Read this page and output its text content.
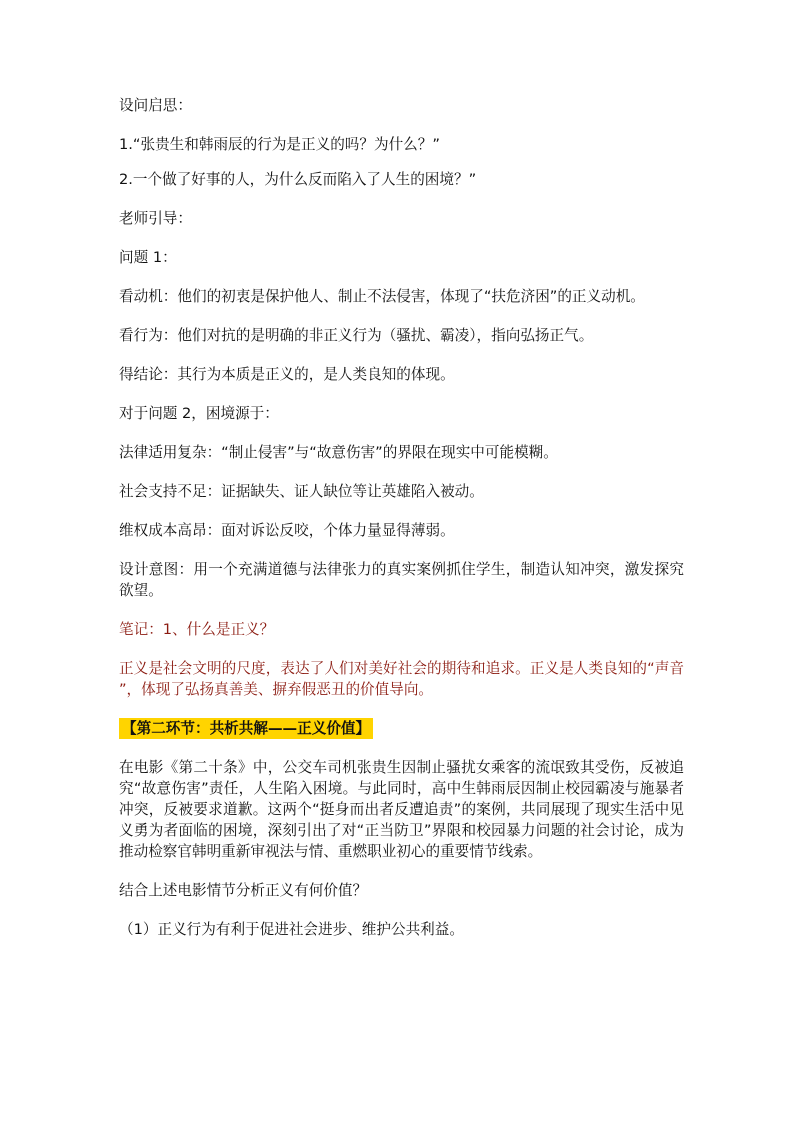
设问启思：

1.“张贵生和韩雨辰的行为是正义的吗？为什么？”

2.一个做了好事的人，为什么反而陷入了人生的困境？”

老师引导：

问题 1：

看动机：他们的初衷是保护他人、制止不法侵害，体现了“扶危济困”的正义动机。

看行为：他们对抗的是明确的非正义行为（骚扰、霸凌），指向弘扬正气。

得结论：其行为本质是正义的，是人类良知的体现。

对于问题 2，困境源于：

法律适用复杂：“制止侵害”与“故意伤害”的界限在现实中可能模糊。

社会支持不足：证据缺失、证人缺位等让英雄陷入被动。

维权成本高昂：面对诉讼反咬，个体力量显得薄弱。

设计意图：用一个充满道德与法律张力的真实案例抓住学生，制造认知冲突，激发探究欲望。

笔记：1、什么是正义？

正义是社会文明的尺度，表达了人们对美好社会的期待和追求。正义是人类良知的“声音 ”，体现了弘扬真善美、摒弃假恶丑的价值导向。

【第二环节：共析共解——正义价值】

在电影《第二十条》中，公交车司机张贵生因制止骚扰女乘客的流氓致其受伤，反被追究“故意伤害”责任，人生陷入困境。与此同时，高中生韩雨辰因制止校园霸凌与施暴者冲突，反被要求道歉。这两个“挺身而出者反遭追责”的案例，共同展现了现实生活中见义勇为者面临的困境，深刻引出了对“正当防卫”界限和校园暴力问题的社会讨论，成为推动检察官韩明重新审视法与情、重燃职业初心的重要情节线索。

结合上述电影情节分析正义有何价值？

（1）正义行为有利于促进社会进步、维护公共利益。
